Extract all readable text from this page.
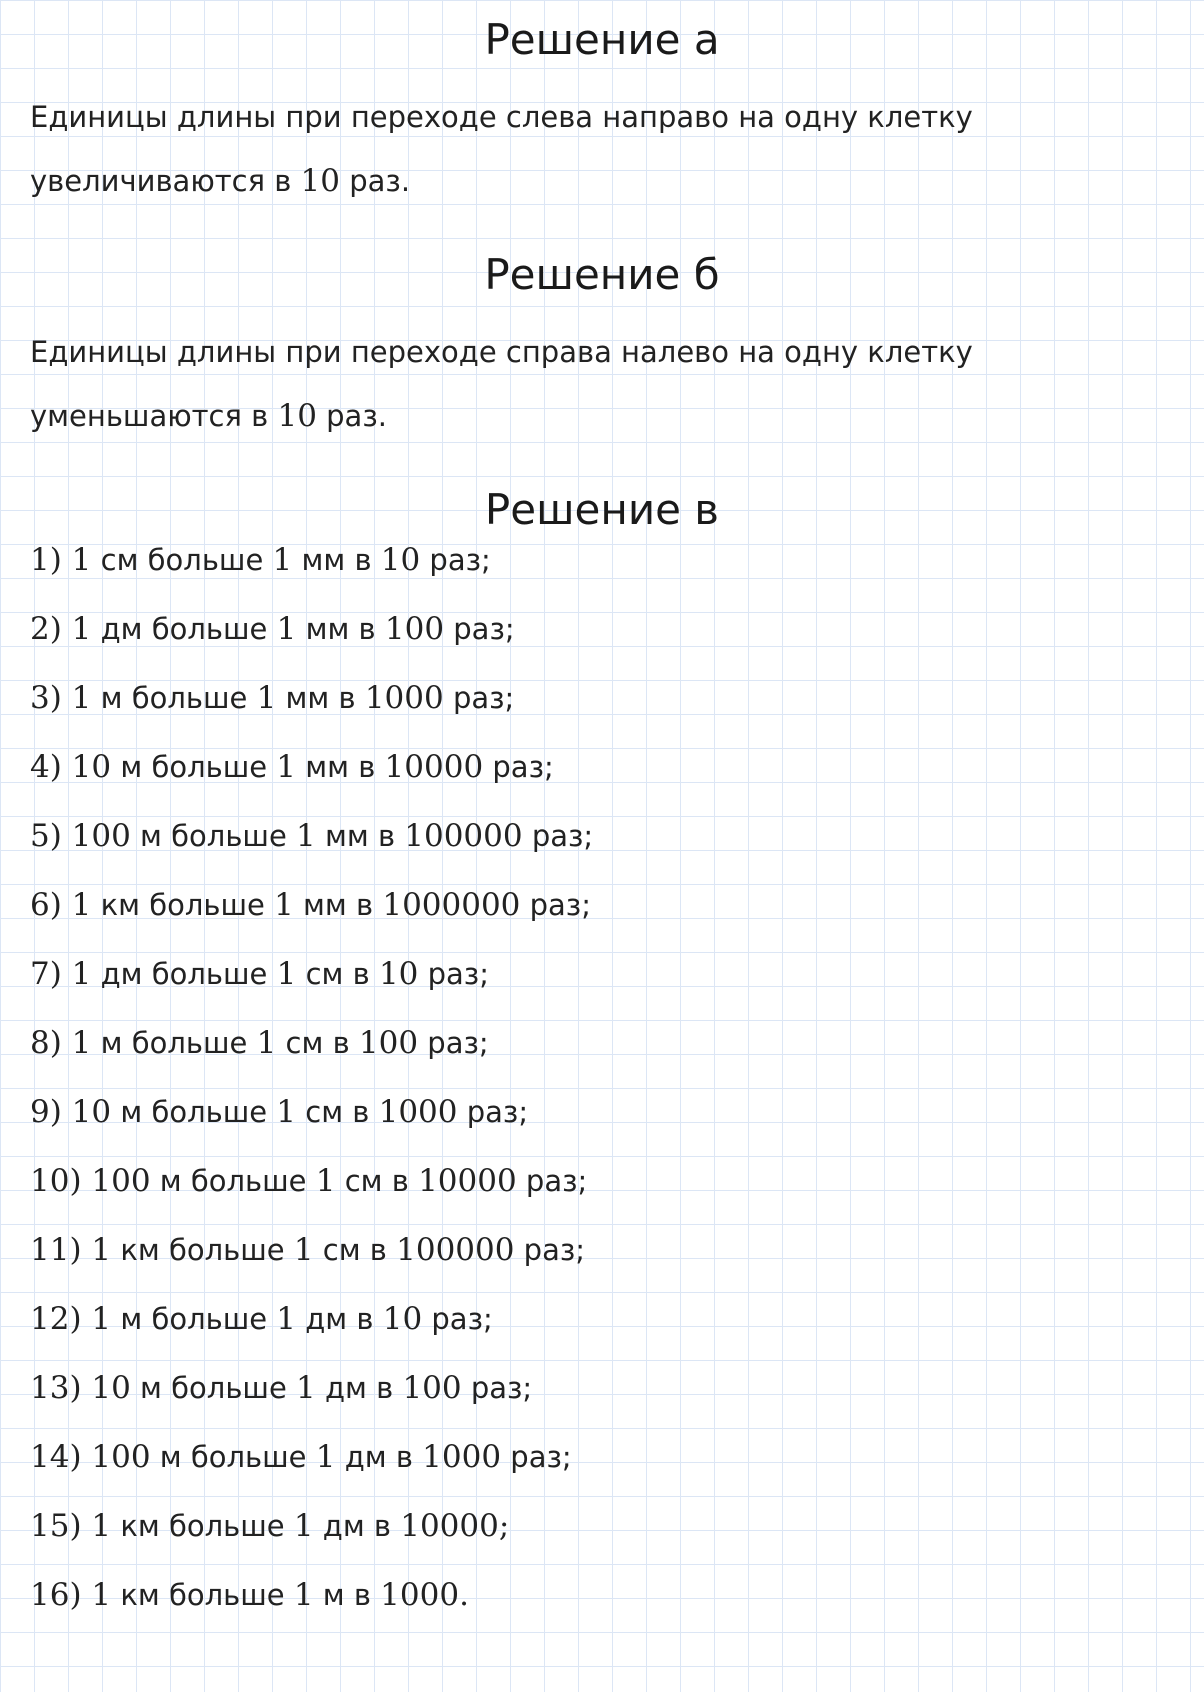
Решение а

Единицы длины при переходе слева направо на одну клетку увеличиваются в 10 раз.

Решение б

Единицы длины при переходе справа налево на одну клетку уменьшаются в 10 раз.

Решение в
1) 1 см больше 1 мм в 10 раз;
2) 1 дм больше 1 мм в 100 раз;
3) 1 м больше 1 мм в 1000 раз;
4) 10 м больше 1 мм в 10000 раз;
5) 100 м больше 1 мм в 100000 раз;
6) 1 км больше 1 мм в 1000000 раз;
7) 1 дм больше 1 см в 10 раз;
8) 1 м больше 1 см в 100 раз;
9) 10 м больше 1 см в 1000 раз;
10) 100 м больше 1 см в 10000 раз;
11) 1 км больше 1 см в 100000 раз;
12) 1 м больше 1 дм в 10 раз;
13) 10 м больше 1 дм в 100 раз;
14) 100 м больше 1 дм в 1000 раз;
15) 1 км больше 1 дм в 10000;
16) 1 км больше 1 м в 1000.
